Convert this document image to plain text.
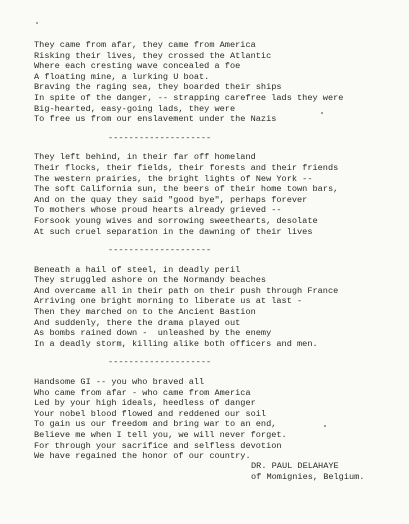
They came from afar, they came from America
Risking their lives, they crossed the Atlantic
Where each cresting wave concealed a foe
A floating mine, a lurking U boat.
Braving the raging sea, they boarded their ships
In spite of the danger, -- strapping carefree lads they were
Big-hearted, easy-going lads, they were
To free us from our enslavement under the Nazis
--------------------
They left behind, in their far off homeland
Their flocks, their fields, their forests and their friends
The western prairies, the bright lights of New York --
The soft California sun, the beers of their home town bars,
And on the quay they said "good bye", perhaps forever
To mothers whose proud hearts already grieved --
Forsook young wives and sorrowing sweethearts, desolate
At such cruel separation in the dawning of their lives
--------------------
Beneath a hail of steel, in deadly peril
They struggled ashore on the Normandy beaches
And overcame all in their path on their push through France
Arriving one bright morning to liberate us at last -
Then they marched on to the Ancient Bastion
And suddenly, there the drama played out
As bombs rained down -  unleashed by the enemy
In a deadly storm, killing alike both officers and men.
--------------------
Handsome GI -- you who braved all
Who came from afar - who came from America
Led by your high ideals, heedless of danger
Your nobel blood flowed and reddened our soil
To gain us our freedom and bring war to an end,
Believe me when I tell you, we will never forget.
For through your sacrifice and selfless devotion
We have regained the honor of our country.
DR. PAUL DELAHAYE
of Momignies, Belgium.
